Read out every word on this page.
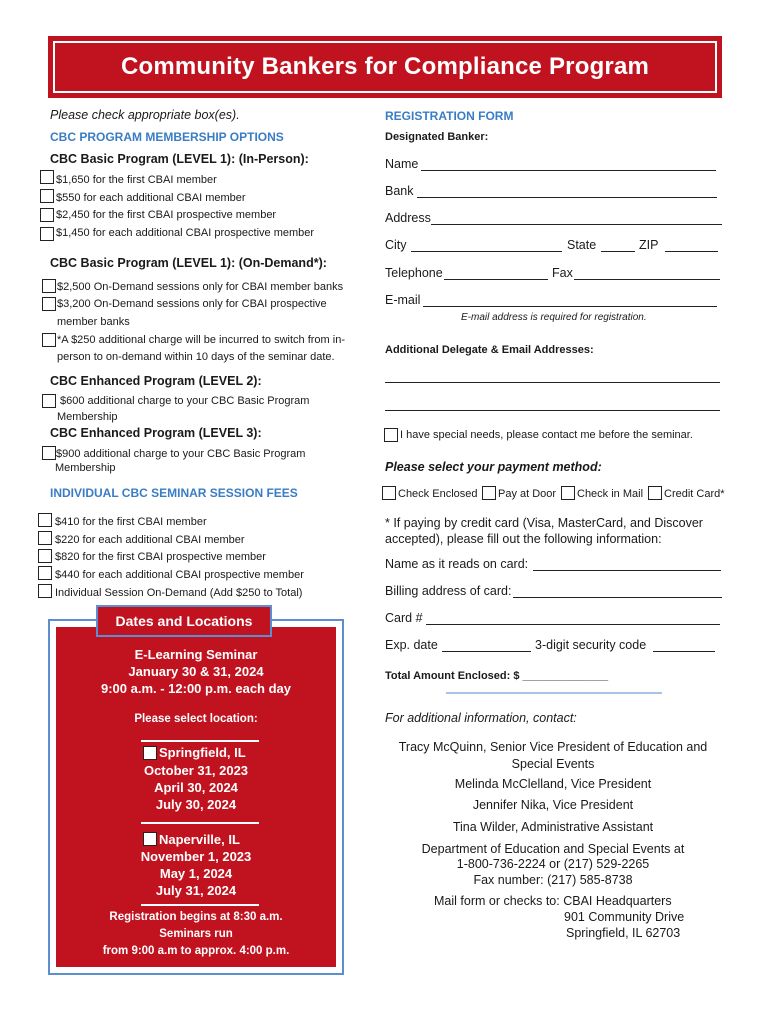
Community Bankers for Compliance Program
Please check appropriate box(es).
CBC PROGRAM MEMBERSHIP OPTIONS
CBC Basic Program (LEVEL 1): (In-Person):
$1,650 for the first CBAI member
$550 for each additional CBAI member
$2,450 for the first CBAI prospective member
$1,450 for each additional CBAI prospective member
CBC Basic Program (LEVEL 1): (On-Demand*):
$2,500 On-Demand sessions only for CBAI member banks
$3,200 On-Demand sessions only for CBAI prospective
member banks
*A $250 additional charge will be incurred to switch from in-
person to on-demand within 10 days of the seminar date.
CBC Enhanced Program (LEVEL 2):
$600 additional charge to your CBC Basic Program
Membership
CBC Enhanced Program (LEVEL 3):
$900 additional charge to your CBC Basic Program
Membership
INDIVIDUAL CBC SEMINAR SESSION FEES
$410 for the first CBAI member
$220 for each additional CBAI member
$820 for the first CBAI prospective member
$440 for each additional CBAI prospective member
Individual Session On-Demand (Add $250 to Total)
E-Learning Seminar
January 30 & 31, 2024
9:00 a.m. - 12:00 p.m. each day
Please select location:
Springfield, IL
October 31, 2023
April 30, 2024
July 30, 2024
Naperville, IL
November 1, 2023
May 1, 2024
July 31, 2024
Registration begins at 8:30 a.m.
Seminars run
from 9:00 a.m to approx. 4:00 p.m.
Dates and Locations
REGISTRATION FORM
Designated Banker:
Name
Bank
Address
City	State	ZIP
Telephone	Fax
E-mail
E-mail address is required for registration.
Additional Delegate & Email Addresses:
I have special needs, please contact me before the seminar.
Please select your payment method:
Check Enclosed Pay at Door Check in Mail Credit Card*
* If paying by credit card (Visa, MasterCard, and Discover accepted), please fill out the following information:
Name as it reads on card:
Billing address of card:
Card #
Exp. date	3-digit security code
Total Amount Enclosed: $ ______________
For additional information, contact:
Tracy McQuinn, Senior Vice President of Education and Special Events
Melinda McClelland, Vice President
Jennifer Nika, Vice President
Tina Wilder, Administrative Assistant
Department of Education and Special Events at
1-800-736-2224 or (217) 529-2265
Fax number: (217) 585-8738
Mail form or checks to: CBAI Headquarters
901 Community Drive
Springfield, IL 62703
